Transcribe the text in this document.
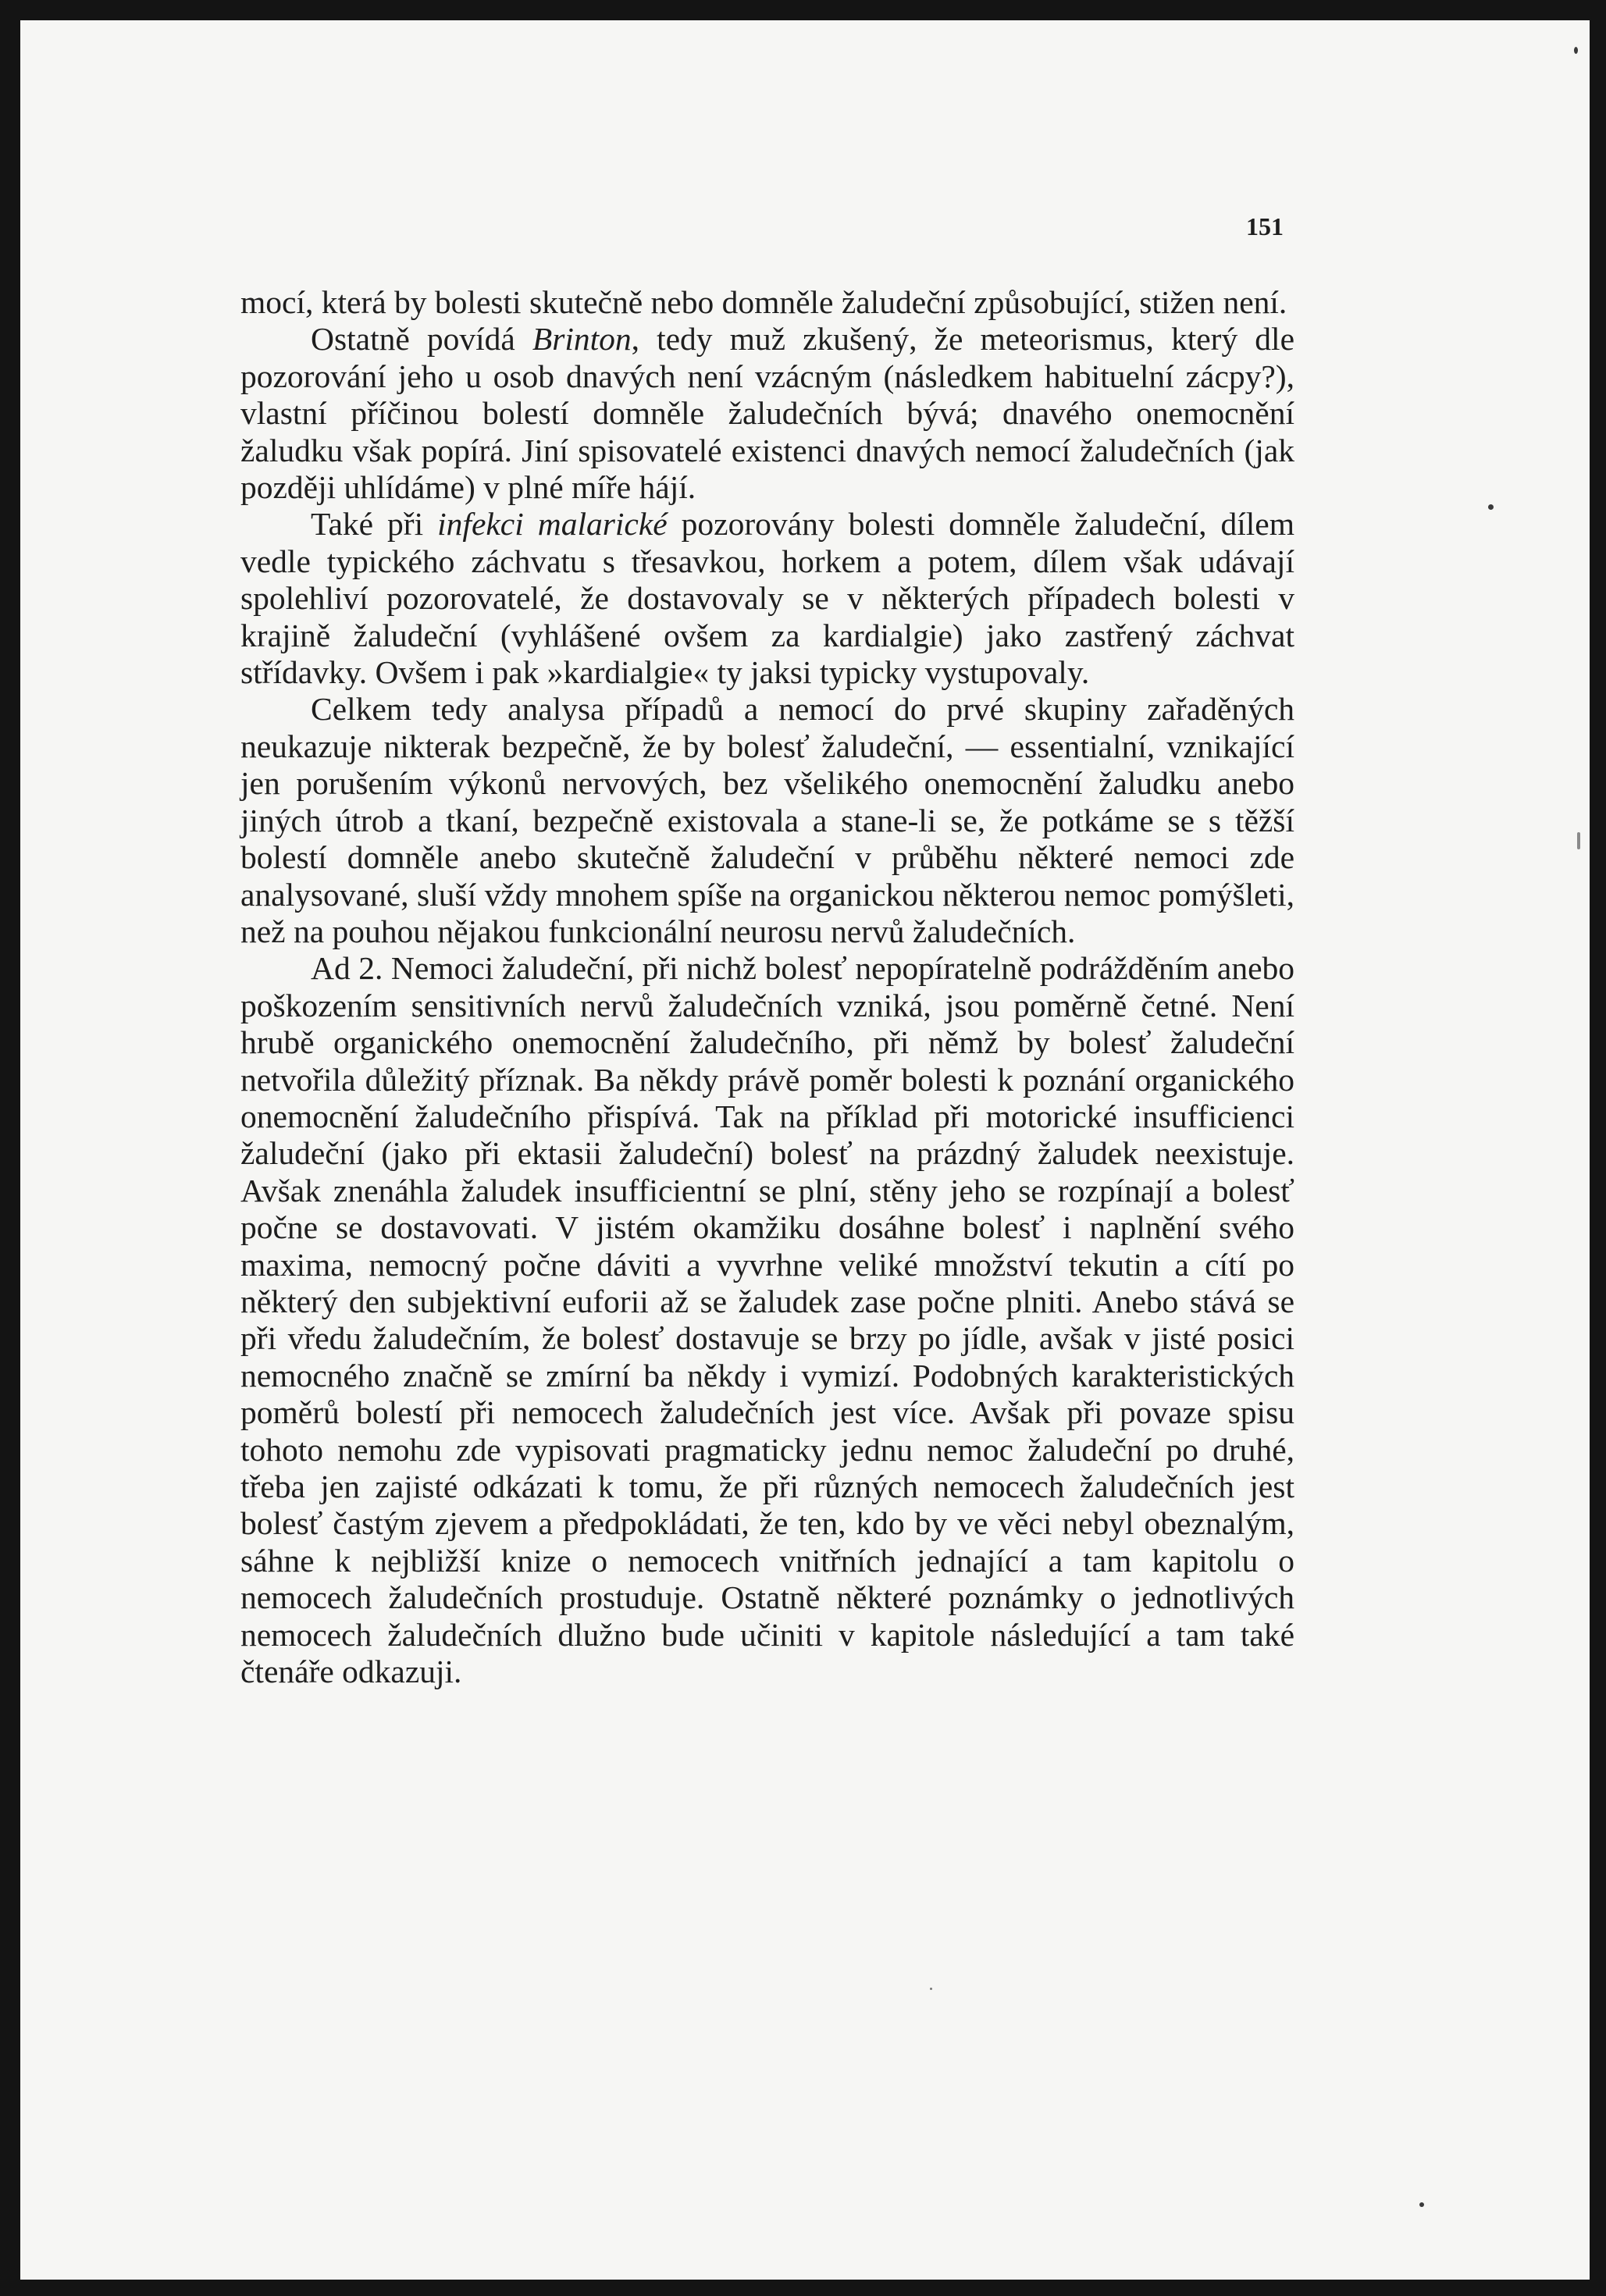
151

mocí, která by bolesti skutečně nebo domněle žaludeční způsobující, stižen není.

Ostatně povídá Brinton, tedy muž zkušený, že meteorismus, který dle pozorování jeho u osob dnavých není vzácným (následkem habituelní zácpy?), vlastní příčinou bolestí domněle žaludečních bývá; dnavého onemocnění žaludku však popírá. Jiní spisovatelé existenci dnavých nemocí žaludečních (jak později uhlídáme) v plné míře hájí.

Také při infekci malarické pozorovány bolesti domněle žaludeční, dílem vedle typického záchvatu s třesavkou, horkem a potem, dílem však udávají spolehliví pozorovatelé, že dostavovaly se v některých případech bolesti v krajině žaludeční (vyhlášené ovšem za kardialgie) jako zastřený záchvat střídavky. Ovšem i pak »kardialgie« ty jaksi typicky vystupovaly.

Celkem tedy analysa případů a nemocí do prvé skupiny zařaděných neukazuje nikterak bezpečně, že by bolesť žaludeční, — essentialní, vznikající jen porušením výkonů nervových, bez všelikého onemocnění žaludku anebo jiných útrob a tkaní, bezpečně existovala a stane-li se, že potkáme se s těžší bolestí domněle anebo skutečně žaludeční v průběhu některé nemoci zde analysované, sluší vždy mnohem spíše na organickou některou nemoc pomýšleti, než na pouhou nějakou funkcionální neurosu nervů žaludečních.

Ad 2. Nemoci žaludeční, při nichž bolesť nepopíratelně podrážděním anebo poškozením sensitivních nervů žaludečních vzniká, jsou poměrně četné. Není hrubě organického onemocnění žaludečního, při němž by bolesť žaludeční netvořila důležitý příznak. Ba někdy právě poměr bolesti k poznání organického onemocnění žaludečního přispívá. Tak na příklad při motorické insufficienci žaludeční (jako při ektasii žaludeční) bolesť na prázdný žaludek neexistuje. Avšak znenáhla žaludek insufficientní se plní, stěny jeho se rozpínají a bolesť počne se dostavovati. V jistém okamžiku dosáhne bolesť i naplnění svého maxima, nemocný počne dáviti a vyvrhne veliké množství tekutin a cítí po některý den subjektivní euforii až se žaludek zase počne plniti. Anebo stává se při vředu žaludečním, že bolesť dostavuje se brzy po jídle, avšak v jisté posici nemocného značně se zmírní ba někdy i vymizí. Podobných karakteristických poměrů bolestí při nemocech žaludečních jest více. Avšak při povaze spisu tohoto nemohu zde vypisovati pragmaticky jednu nemoc žaludeční po druhé, třeba jen zajisté odkázati k tomu, že při různých nemocech žaludečních jest bolesť častým zjevem a předpokládati, že ten, kdo by ve věci nebyl obeznalým, sáhne k nejbližší knize o nemocech vnitřních jednající a tam kapitolu o nemocech žaludečních prostuduje. Ostatně některé poznámky o jednotlivých nemocech žaludečních dlužno bude učiniti v kapitole následující a tam také čtenáře odkazuji.
